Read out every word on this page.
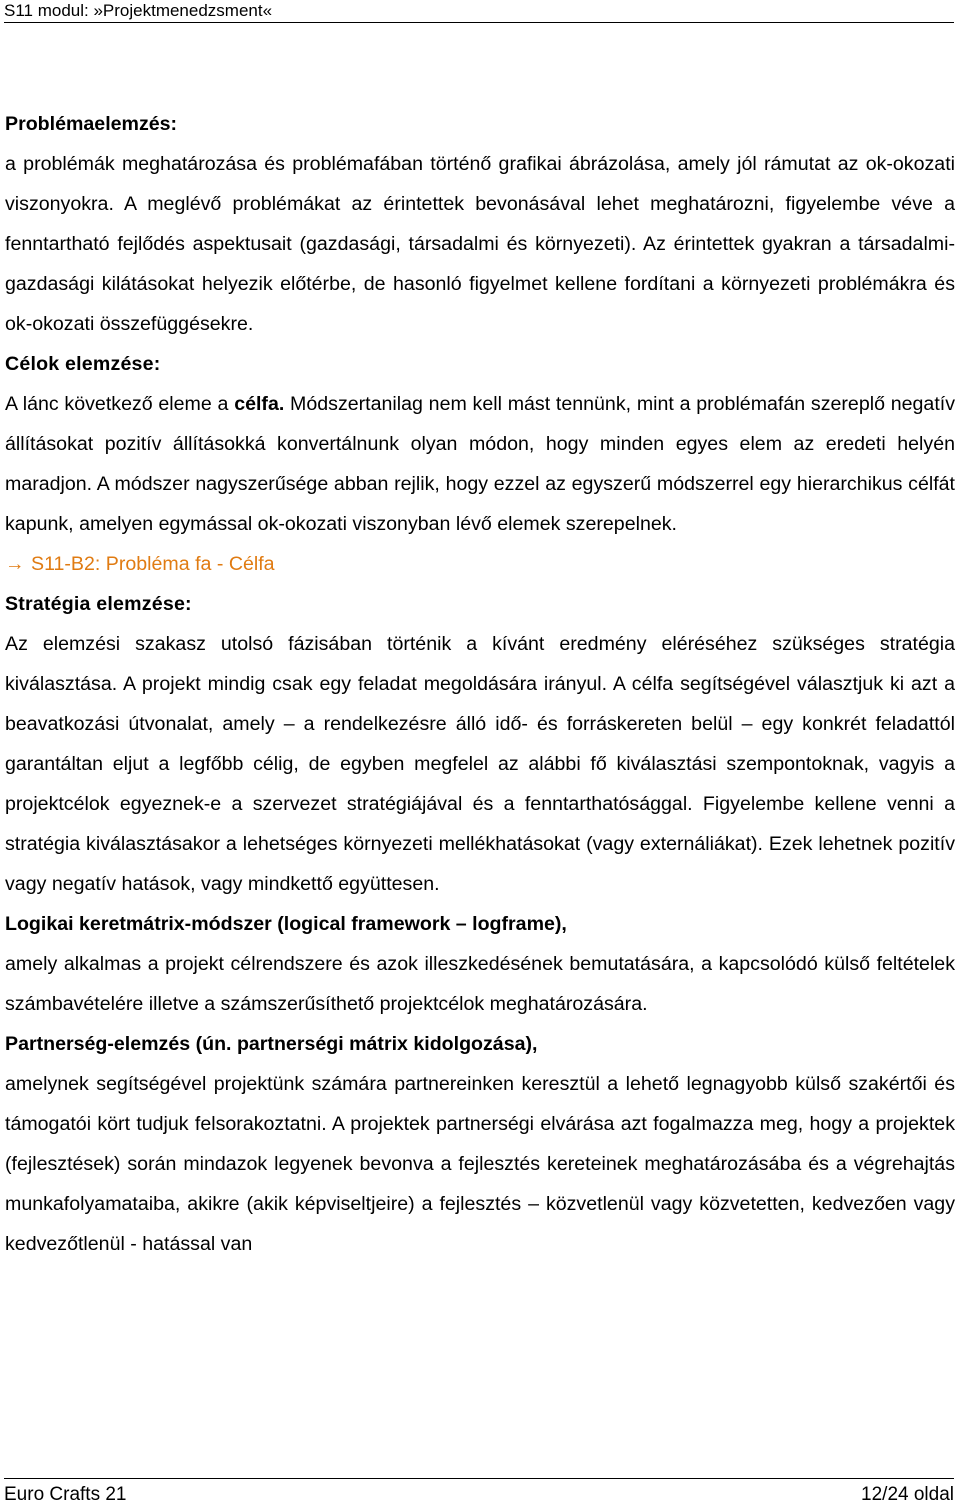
S11 modul: »Projektmenedzsment«
Problémaelemzés:

a problémák meghatározása és problémafában történő grafikai ábrázolása, amely jól rámutat az ok-okozati viszonyokra. A meglévő problémákat az érintettek bevonásával lehet meghatározni, figyelembe véve a fenntartható fejlődés aspektusait (gazdasági, társadalmi és környezeti). Az érintettek gyakran a társadalmi-gazdasági kilátásokat helyezik előtérbe, de hasonló figyelmet kellene fordítani a környezeti problémákra és ok-okozati összefüggésekre.

Célok elemzése:

A lánc következő eleme a célfa. Módszertanilag nem kell mást tennünk, mint a problémafán szereplő negatív állításokat pozitív állításokká konvertálnunk olyan módon, hogy minden egyes elem az eredeti helyén maradjon. A módszer nagyszerűsége abban rejlik, hogy ezzel az egyszerű módszerrel egy hierarchikus célfát kapunk, amelyen egymással ok-okozati viszonyban lévő elemek szerepelnek.

→ S11-B2: Probléma fa - Célfa
Stratégia elemzése:

Az elemzési szakasz utolsó fázisában történik a kívánt eredmény eléréséhez szükséges stratégia kiválasztása. A projekt mindig csak egy feladat megoldására irányul. A célfa segítségével választjuk ki azt a beavatkozási útvonalat, amely – a rendelkezésre álló idő- és forráskereten belül – egy konkrét feladattól garantáltan eljut a legfőbb célig, de egyben megfelel az alábbi fő kiválasztási szempontoknak, vagyis a projektcélok egyeznek-e a szervezet stratégiájával és a fenntarthatósággal. Figyelembe kellene venni a stratégia kiválasztásakor a lehetséges környezeti mellékhatásokat (vagy externáliákat). Ezek lehetnek pozitív vagy negatív hatások, vagy mindkettő együttesen.

Logikai keretmátrix-módszer (logical framework – logframe),

amely alkalmas a projekt célrendszere és azok illeszkedésének bemutatására, a kapcsolódó külső feltételek számbavételére illetve a számszerűsíthető projektcélok meghatározására.

Partnerség-elemzés (ún. partnerségi mátrix kidolgozása),

amelynek segítségével projektünk számára partnereinken keresztül a lehető legnagyobb külső szakértői és támogatói kört tudjuk felsorakoztatni. A projektek partnerségi elvárása azt fogalmazza meg, hogy a projektek (fejlesztések) során mindazok legyenek bevonva a fejlesztés kereteinek meghatározásába és a végrehajtás munkafolyamataiba, akikre (akik képviseltjeire) a fejlesztés – közvetlenül vagy közvetetten, kedvezően vagy kedvezőtlenül - hatással van

Euro Crafts 21	12/24 oldal
